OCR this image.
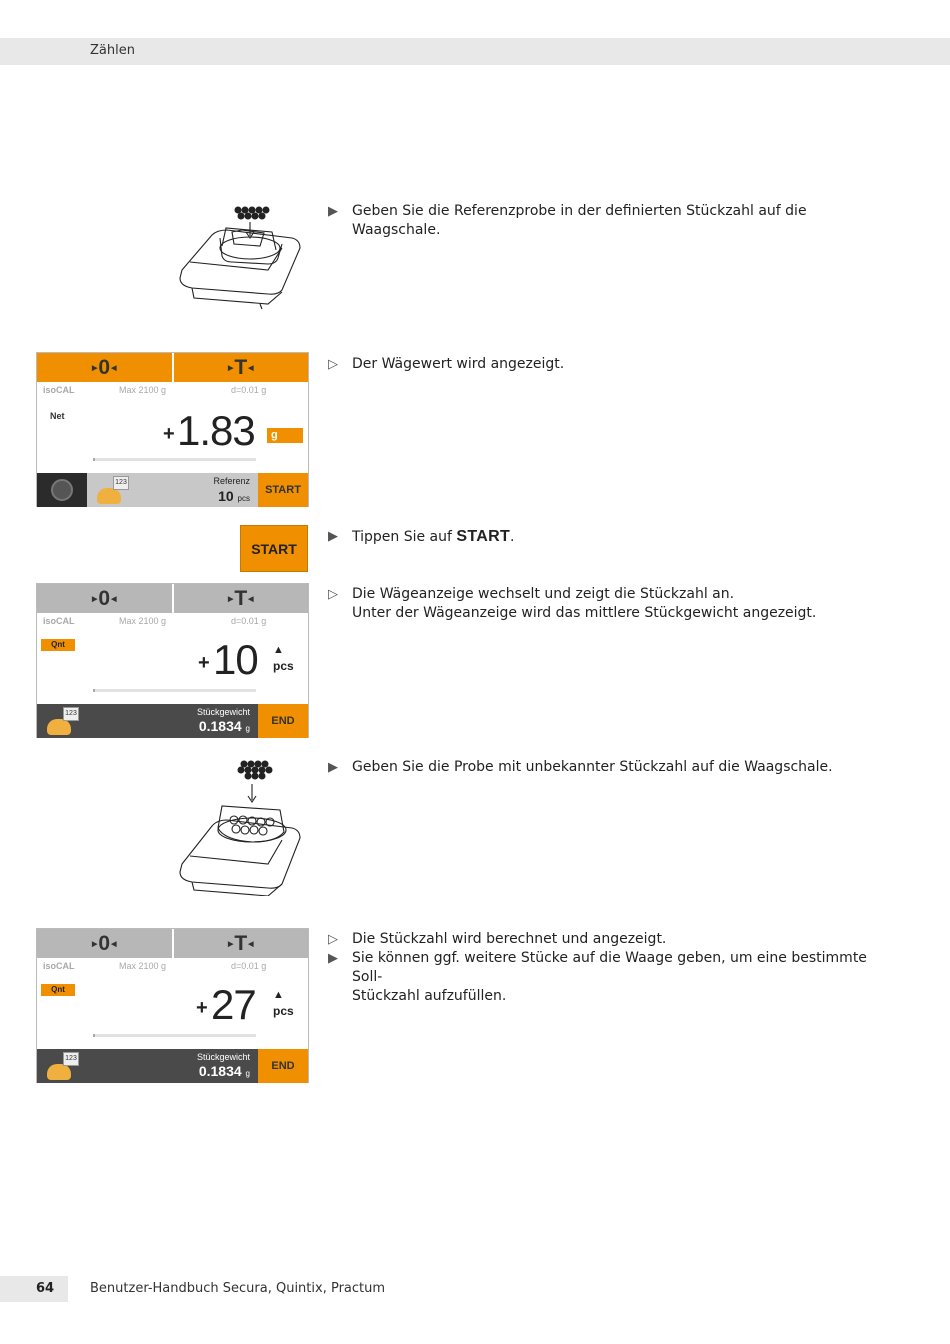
Zählen
▶	Geben Sie die Referenzprobe in der definierten Stückzahl auf die Waagschale.
▶ 0 ◀	▶ T ◀
isoCAL	Max 2100 g	d=0.01 g
Net
+ 1.83	g
123	Referenz
10 pcs
START
▷	Der Wägewert wird angezeigt.
START
▶	Tippen Sie auf START.
▶ 0 ◀	▶ T ◀
isoCAL	Max 2100 g	d=0.01 g
Qnt
+ 10 ▲
pcs
123	Stückgewicht
0.1834 g
END
▷	Die Wägeanzeige wechselt und zeigt die Stückzahl an.
Unter der Wägeanzeige wird das mittlere Stückgewicht angezeigt.
▶	Geben Sie die Probe mit unbekannter Stückzahl auf die Waagschale.
▶ 0 ◀	▶ T ◀
isoCAL	Max 2100 g	d=0.01 g
Qnt
+ 27 ▲
pcs
123	Stückgewicht
0.1834 g
END
▷	Die Stückzahl wird berechnet und angezeigt.
▶	Sie können ggf. weitere Stücke auf die Waage geben, um eine bestimmte Soll-
Stückzahl aufzufüllen.
64	Benutzer-Handbuch Secura, Quintix, Practum
